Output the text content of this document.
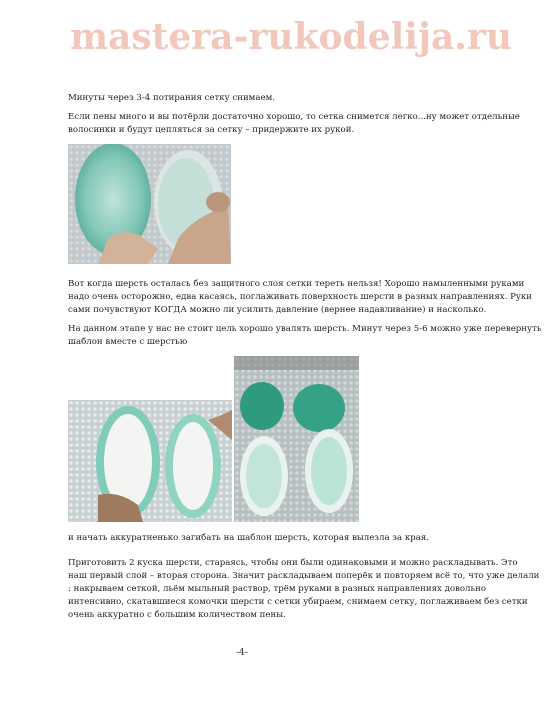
mastera-rukodelija.ru
Минуты через 3-4 потирания сетку снимаем.
Если пены много и вы потёрли достаточно хорошо, то сетка снимется легко...ну может отдельные
волосинки и будут цепляться за сетку – придержите их рукой.
Вот когда шерсть осталась без защитного слоя сетки тереть нельзя! Хорошо намыленными руками
надо очень осторожно, едва касаясь, поглаживать поверхность шерсти в разных направлениях. Руки
сами почувствуют КОГДА можно ли усилить давление (вернее надавливание) и насколько.
На данном этапе у нас не стоит цель хорошо увалять шерсть. Минут через 5-6 можно уже перевернуть
шаблон вместе с шерстью
и начать аккуратненько загибать на шаблон шерсть, которая вылезла за края.
Приготовить 2 куска шерсти, стараясь, чтобы они были одинаковыми и можно раскладывать. Это
наш первый слой – вторая сторона. Значит раскладываем поперёк и повторяем всё то, что уже делали
: накрываем сеткой, льём мыльный раствор, трём руками в разных направлениях довольно
интенсивно, скатавшиеся комочки шерсти с сетки убираем, снимаем сетку, поглаживаем без сетки
очень аккуратно с большим количеством пены.
-4-
